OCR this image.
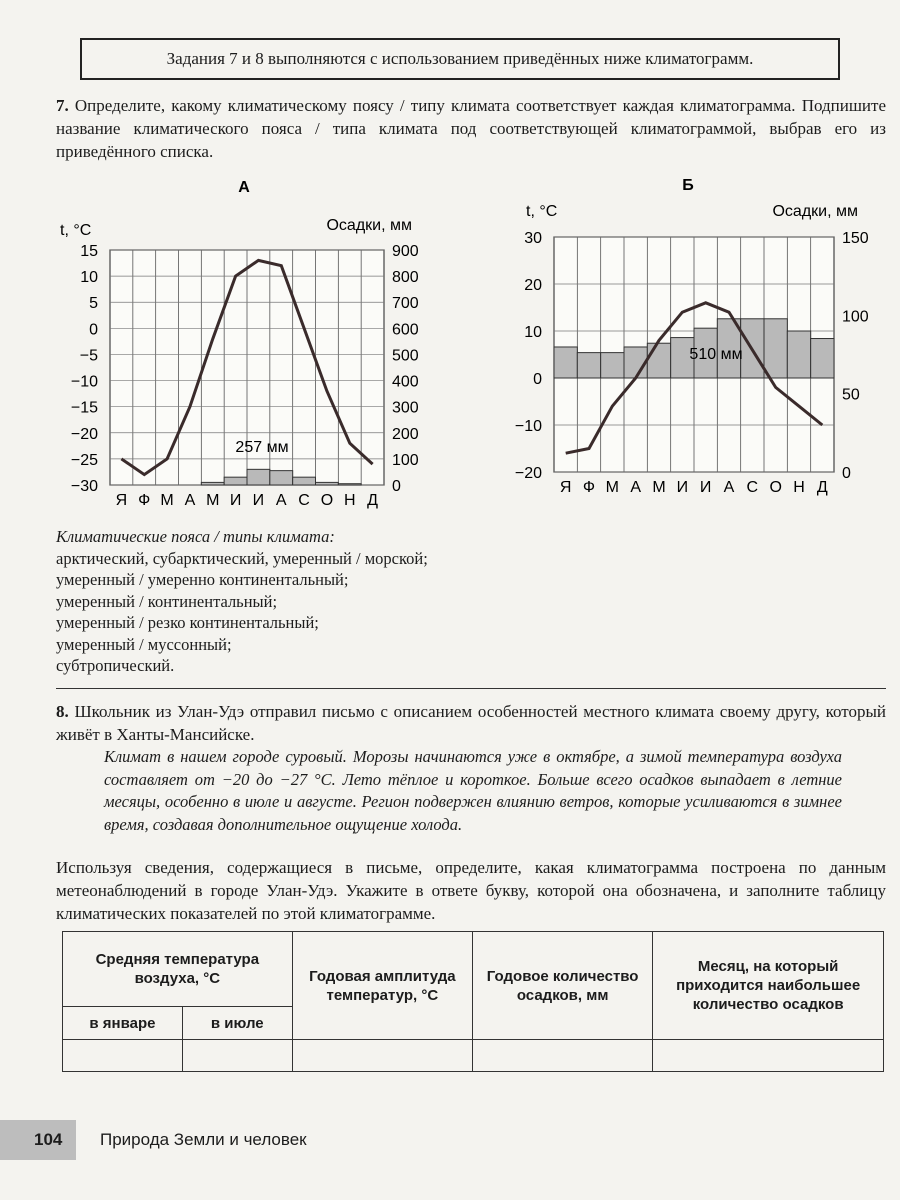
Задания 7 и 8 выполняются с использованием приведённых ниже климатограмм.
7. Определите, какому климатическому поясу / типу климата соответствует каждая климатограмма. Подпишите название климатического пояса / типа климата под соответствующей климатограммой, выбрав его из приведённого списка.
А
t, °C	Осадки, мм
15
10
5
0
−5
−10
−15
−20
−25
−30
900
800
700
600
500
400
300
200
100
0
Я Ф М А М И И А С О Н Д
257 мм
Б
t, °C	Осадки, мм
30
20
10
0
−10
−20
150
100
50
0
Я Ф М А М И И А С О Н Д
510 мм
Климатические пояса / типы климата:
арктический, субарктический, умеренный / морской;
умеренный / умеренно континентальный;
умеренный / континентальный;
умеренный / резко континентальный;
умеренный / муссонный;
субтропический.
8. Школьник из Улан-Удэ отправил письмо с описанием особенностей местного климата своему другу, который живёт в Ханты-Мансийске.
Климат в нашем городе суровый. Морозы начинаются уже в октябре, а зимой температура воздуха составляет от −20 до −27 °C. Лето тёплое и короткое. Больше всего осадков выпадает в летние месяцы, особенно в июле и августе. Регион подвержен влиянию ветров, которые усиливаются в зимнее время, создавая дополнительное ощущение холода.
Используя сведения, содержащиеся в письме, определите, какая климатограмма построена по данным метеонаблюдений в городе Улан-Удэ. Укажите в ответе букву, которой она обозначена, и заполните таблицу климатических показателей по этой климатограмме.
Средняя температура воздуха, °C		Годовая амплитуда температур, °C	Годовое количество осадков, мм	Месяц, на который приходится наибольшее количество осадков
в январе	в июле			

104 Природа Земли и человек
